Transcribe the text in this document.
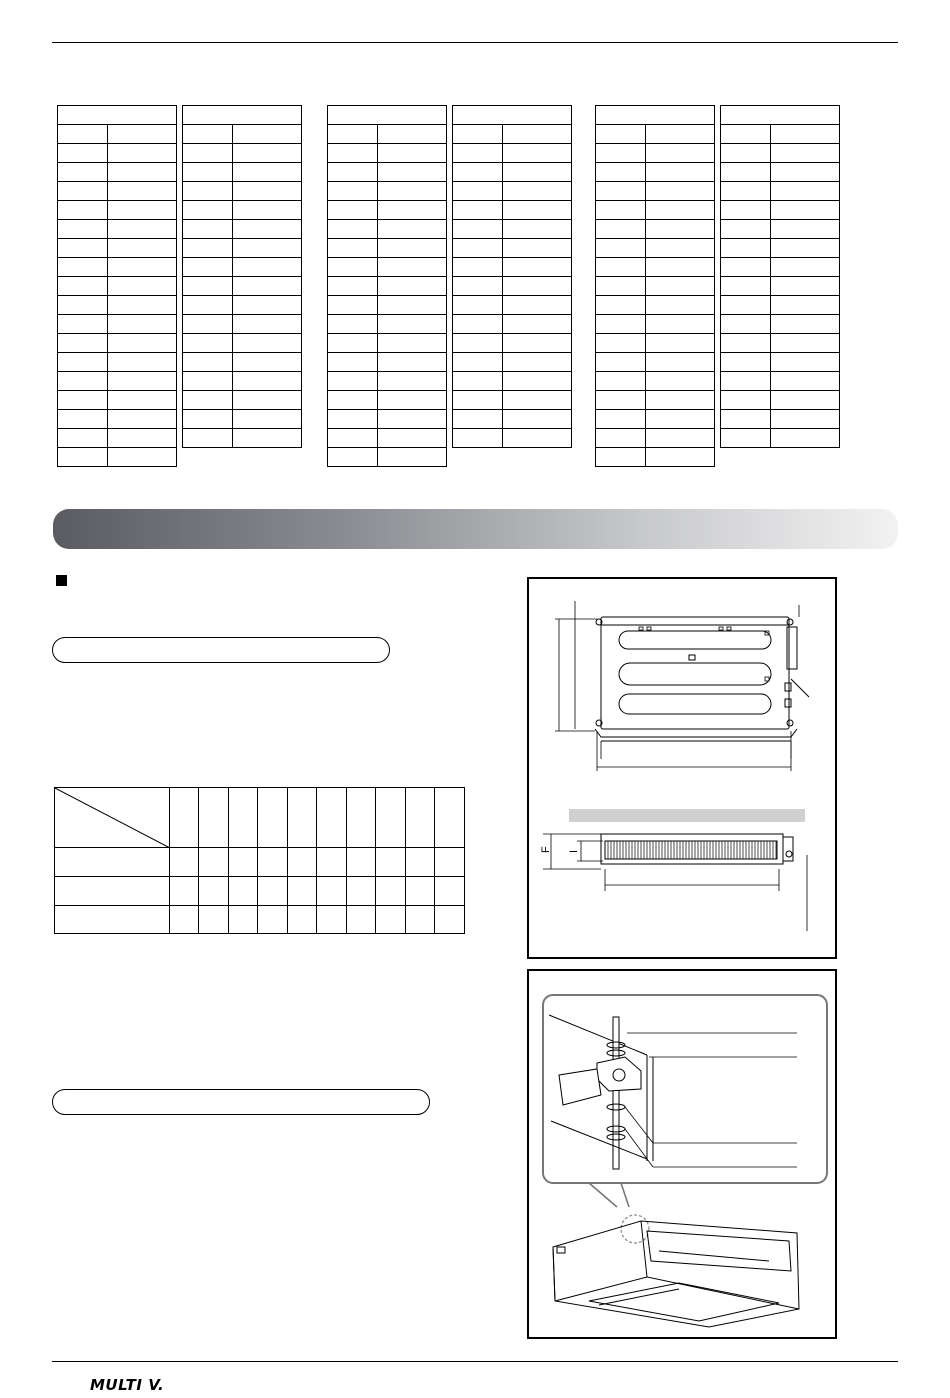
F I
MULTI V.
